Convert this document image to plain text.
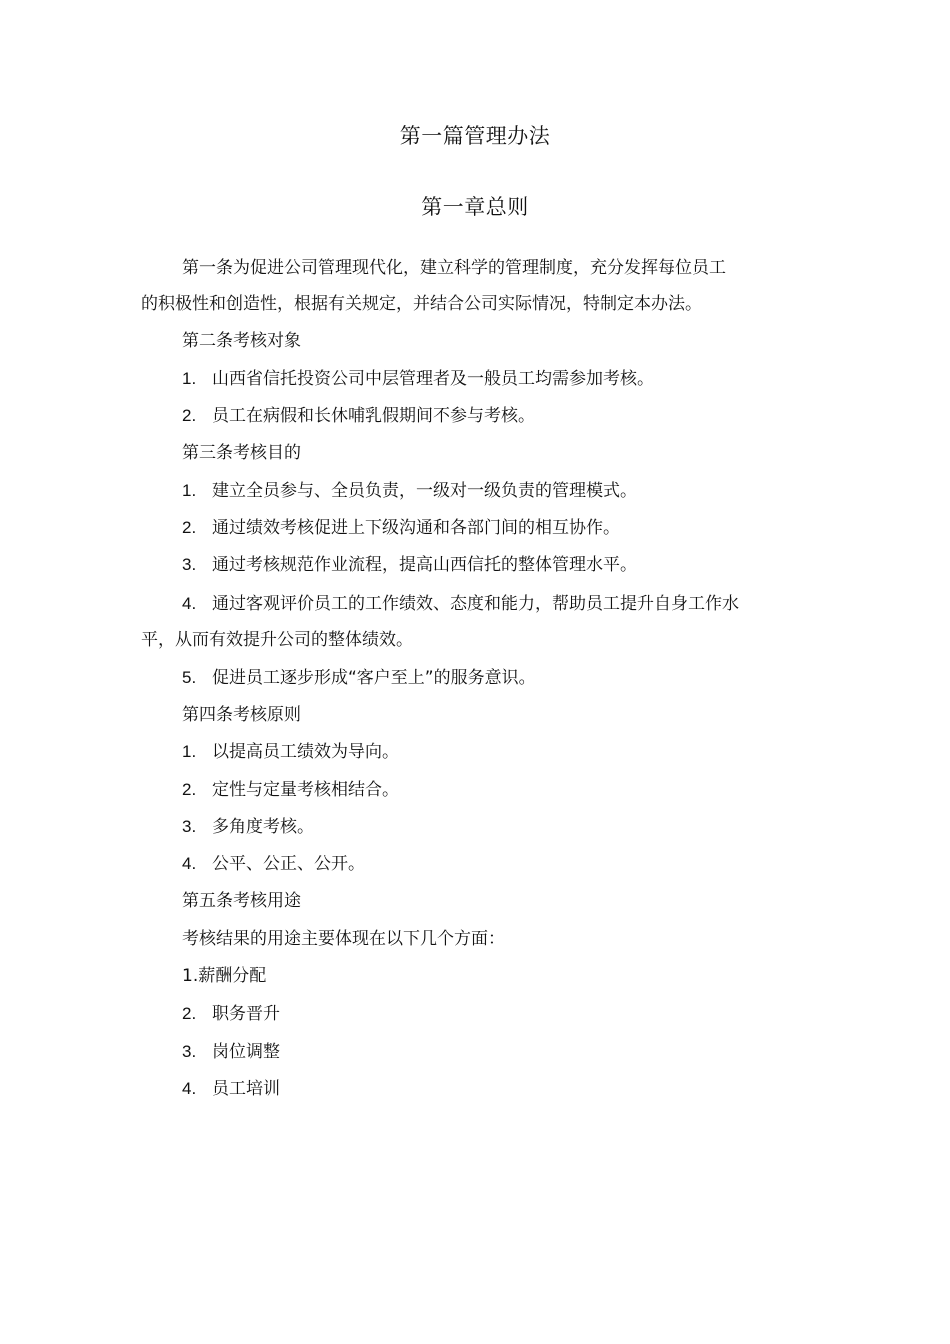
第一篇管理办法
第一章总则
第一条为促进公司管理现代化，建立科学的管理制度，充分发挥每位员工
的积极性和创造性，根据有关规定，并结合公司实际情况，特制定本办法。
第二条考核对象
1. 山西省信托投资公司中层管理者及一般员工均需参加考核。
2. 员工在病假和长休哺乳假期间不参与考核。
第三条考核目的
1. 建立全员参与、全员负责，一级对一级负责的管理模式。
2. 通过绩效考核促进上下级沟通和各部门间的相互协作。
3. 通过考核规范作业流程，提高山西信托的整体管理水平。
4. 通过客观评价员工的工作绩效、态度和能力，帮助员工提升自身工作水
平，从而有效提升公司的整体绩效。
5. 促进员工逐步形成“客户至上”的服务意识。
第四条考核原则
1. 以提高员工绩效为导向。
2. 定性与定量考核相结合。
3. 多角度考核。
4. 公平、公正、公开。
第五条考核用途
考核结果的用途主要体现在以下几个方面：
1.薪酬分配
2. 职务晋升
3. 岗位调整
4. 员工培训
